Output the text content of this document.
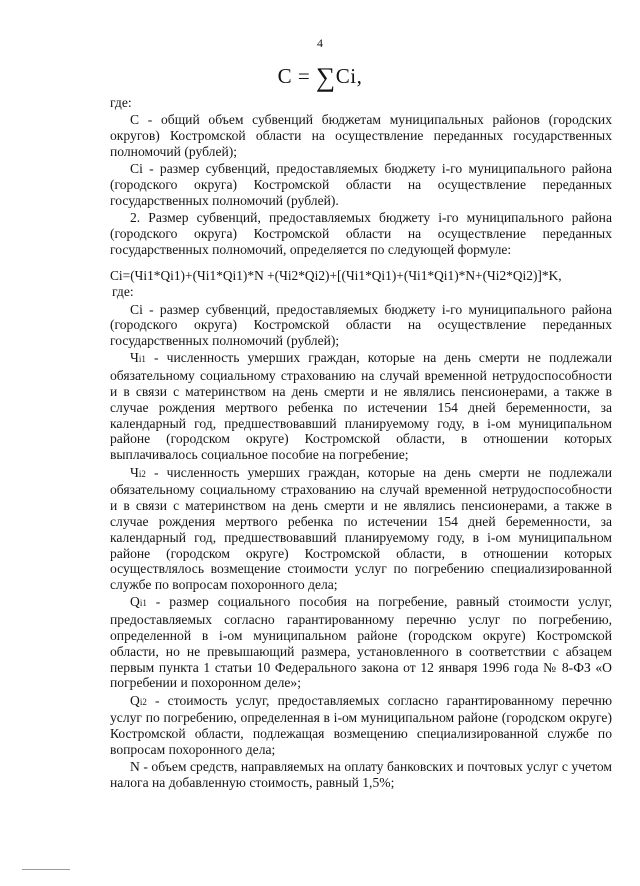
4
C = ∑Ci,

где:

С - общий объем субвенций бюджетам муниципальных районов (городских округов) Костромской области на осуществление переданных государственных полномочий (рублей);

Ci - размер субвенций, предоставляемых бюджету i-го муниципального района (городского округа) Костромской области на осуществление переданных государственных полномочий (рублей).

2. Размер субвенций, предоставляемых бюджету i-го муниципального района (городского округа) Костромской области на осуществление переданных государственных полномочий, определяется по следующей формуле:

Ci=(Чi1*Qi1)+(Чi1*Qi1)*N +(Чi2*Qi2)+[(Чi1*Qi1)+(Чi1*Qi1)*N+(Чi2*Qi2)]*K,

где:

Ci - размер субвенций, предоставляемых бюджету i-го муниципального района (городского округа) Костромской области на осуществление переданных государственных полномочий (рублей);

Чi1 - численность умерших граждан, которые на день смерти не подлежали обязательному социальному страхованию на случай временной нетрудоспособности и в связи с материнством на день смерти и не являлись пенсионерами, а также в случае рождения мертвого ребенка по истечении 154 дней беременности, за календарный год, предшествовавший планируемому году, в i-ом муниципальном районе (городском округе) Костромской области, в отношении которых выплачивалось социальное пособие на погребение;

Чi2 - численность умерших граждан, которые на день смерти не подлежали обязательному социальному страхованию на случай временной нетрудоспособности и в связи с материнством на день смерти и не являлись пенсионерами, а также в случае рождения мертвого ребенка по истечении 154 дней беременности, за календарный год, предшествовавший планируемому году, в i-ом муниципальном районе (городском округе) Костромской области, в отношении которых осуществлялось возмещение стоимости услуг по погребению специализированной службе по вопросам похоронного дела;

Qi1 - размер социального пособия на погребение, равный стоимости услуг, предоставляемых согласно гарантированному перечню услуг по погребению, определенной в i-ом муниципальном районе (городском округе) Костромской области, но не превышающий размера, установленного в соответствии с абзацем первым пункта 1 статьи 10 Федерального закона от 12 января 1996 года № 8-ФЗ «О погребении и похоронном деле»;

Qi2 - стоимость услуг, предоставляемых согласно гарантированному перечню услуг по погребению, определенная в i-ом муниципальном районе (городском округе) Костромской области, подлежащая возмещению специализированной службе по вопросам похоронного дела;

N - объем средств, направляемых на оплату банковских и почтовых услуг с учетом налога на добавленную стоимость, равный 1,5%;
